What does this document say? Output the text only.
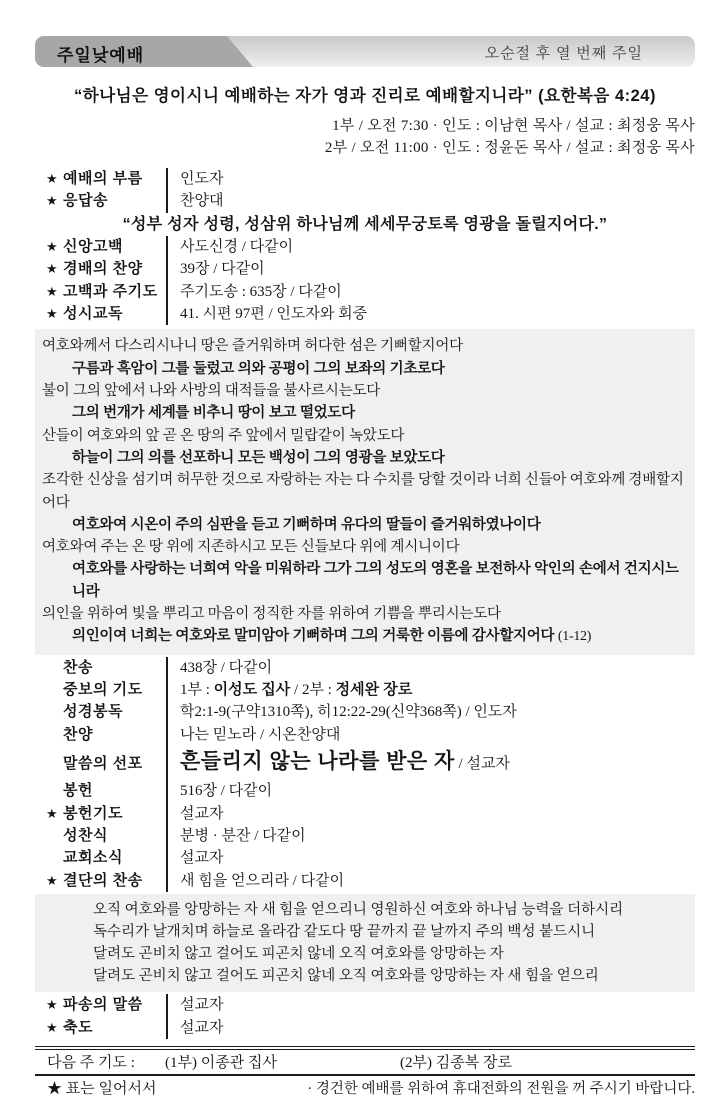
주일낮예배	오순절 후 열 번째 주일
“하나님은 영이시니 예배하는 자가 영과 진리로 예배할지니라” (요한복음 4:24)
1부 / 오전 7:30 · 인도 : 이남현 목사 / 설교 : 최정웅 목사
2부 / 오전 11:00 · 인도 : 정윤돈 목사 / 설교 : 최정웅 목사
★ 예배의 부름	인도자
★ 응답송	찬양대
“성부 성자 성령, 성삼위 하나님께 세세무궁토록 영광을 돌릴지어다.”
★ 신앙고백	사도신경 / 다같이
★ 경배의 찬양	39장 / 다같이
★ 고백과 주기도	주기도송 : 635장 / 다같이
★ 성시교독	41. 시편 97편 / 인도자와 회중
여호와께서 다스리시나니 땅은 즐거워하며 허다한 섬은 기뻐할지어다
구름과 흑암이 그를 둘렀고 의와 공평이 그의 보좌의 기초로다
불이 그의 앞에서 나와 사방의 대적들을 불사르시는도다
그의 번개가 세계를 비추니 땅이 보고 떨었도다
산들이 여호와의 앞 곧 온 땅의 주 앞에서 밀랍같이 녹았도다
하늘이 그의 의를 선포하니 모든 백성이 그의 영광을 보았도다
조각한 신상을 섬기며 허무한 것으로 자랑하는 자는 다 수치를 당할 것이라 너희 신들아 여호와께 경배할지어다
여호와여 시온이 주의 심판을 듣고 기뻐하며 유다의 딸들이 즐거워하였나이다
여호와여 주는 온 땅 위에 지존하시고 모든 신들보다 위에 계시니이다
여호와를 사랑하는 너희여 악을 미워하라 그가 그의 성도의 영혼을 보전하사 악인의 손에서 건지시느니라
의인을 위하여 빛을 뿌리고 마음이 정직한 자를 위하여 기쁨을 뿌리시는도다
의인이여 너희는 여호와로 말미암아 기뻐하며 그의 거룩한 이름에 감사할지어다 (1-12)
찬송	438장 / 다같이
중보의 기도	1부 : 이성도 집사 / 2부 : 정세완 장로
성경봉독	학2:1-9(구약1310쪽), 히12:22-29(신약368쪽) / 인도자
찬양	나는 믿노라 / 시온찬양대
말씀의 선포	흔들리지 않는 나라를 받은 자 / 설교자
봉헌	516장 / 다같이
★ 봉헌기도	설교자
성찬식	분병 · 분잔 / 다같이
교회소식	설교자
★ 결단의 찬송	새 힘을 얻으리라 / 다같이
오직 여호와를 앙망하는 자 새 힘을 얻으리니 영원하신 여호와 하나님 능력을 더하시리
독수리가 날개치며 하늘로 올라감 같도다 땅 끝까지 끝 날까지 주의 백성 붙드시니
달려도 곤비치 않고 걸어도 피곤치 않네 오직 여호와를 앙망하는 자
달려도 곤비치 않고 걸어도 피곤치 않네 오직 여호와를 앙망하는 자 새 힘을 얻으리
★ 파송의 말씀	설교자
★ 축도	설교자
다음 주 기도 :	(1부) 이종관 집사	(2부) 김종복 장로
★ 표는 일어서서	· 경건한 예배를 위하여 휴대전화의 전원을 꺼 주시기 바랍니다.
